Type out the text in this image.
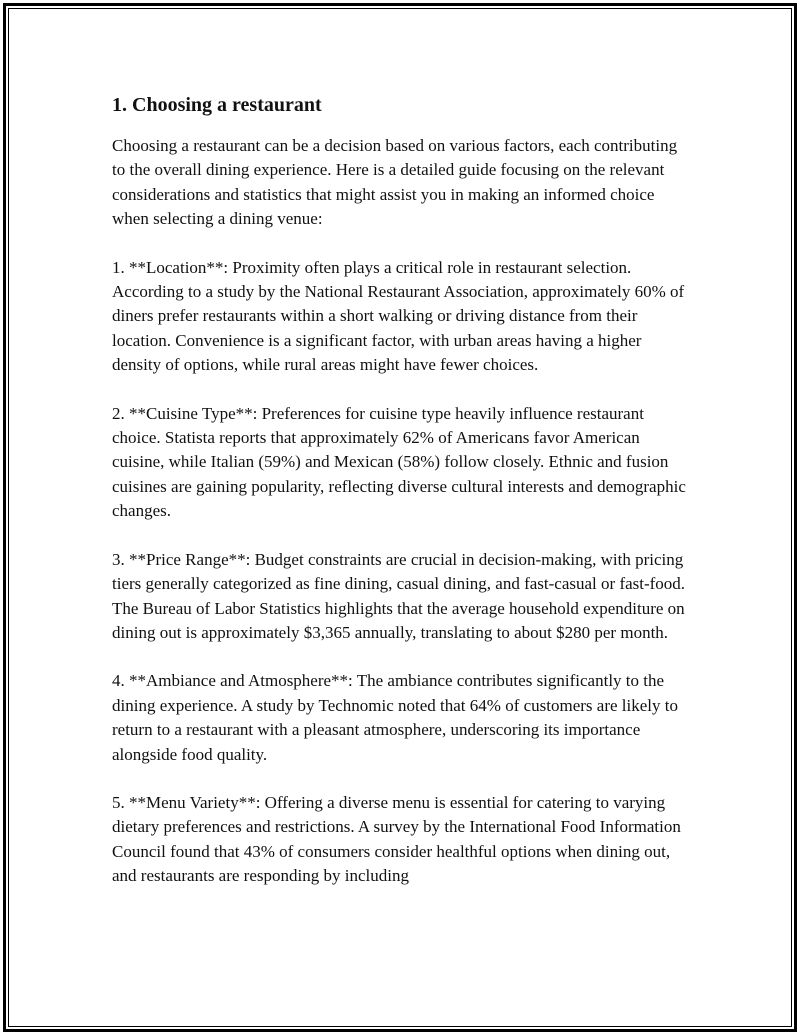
1. Choosing a restaurant

Choosing a restaurant can be a decision based on various factors, each contributing to the overall dining experience. Here is a detailed guide focusing on the relevant considerations and statistics that might assist you in making an informed choice when selecting a dining venue:

1. **Location**: Proximity often plays a critical role in restaurant selection. According to a study by the National Restaurant Association, approximately 60% of diners prefer restaurants within a short walking or driving distance from their location. Convenience is a significant factor, with urban areas having a higher density of options, while rural areas might have fewer choices.

2. **Cuisine Type**: Preferences for cuisine type heavily influence restaurant choice. Statista reports that approximately 62% of Americans favor American cuisine, while Italian (59%) and Mexican (58%) follow closely. Ethnic and fusion cuisines are gaining popularity, reflecting diverse cultural interests and demographic changes.

3. **Price Range**: Budget constraints are crucial in decision-making, with pricing tiers generally categorized as fine dining, casual dining, and fast-casual or fast-food. The Bureau of Labor Statistics highlights that the average household expenditure on dining out is approximately $3,365 annually, translating to about $280 per month.

4. **Ambiance and Atmosphere**: The ambiance contributes significantly to the dining experience. A study by Technomic noted that 64% of customers are likely to return to a restaurant with a pleasant atmosphere, underscoring its importance alongside food quality.

5. **Menu Variety**: Offering a diverse menu is essential for catering to varying dietary preferences and restrictions. A survey by the International Food Information Council found that 43% of consumers consider healthful options when dining out, and restaurants are responding by including
